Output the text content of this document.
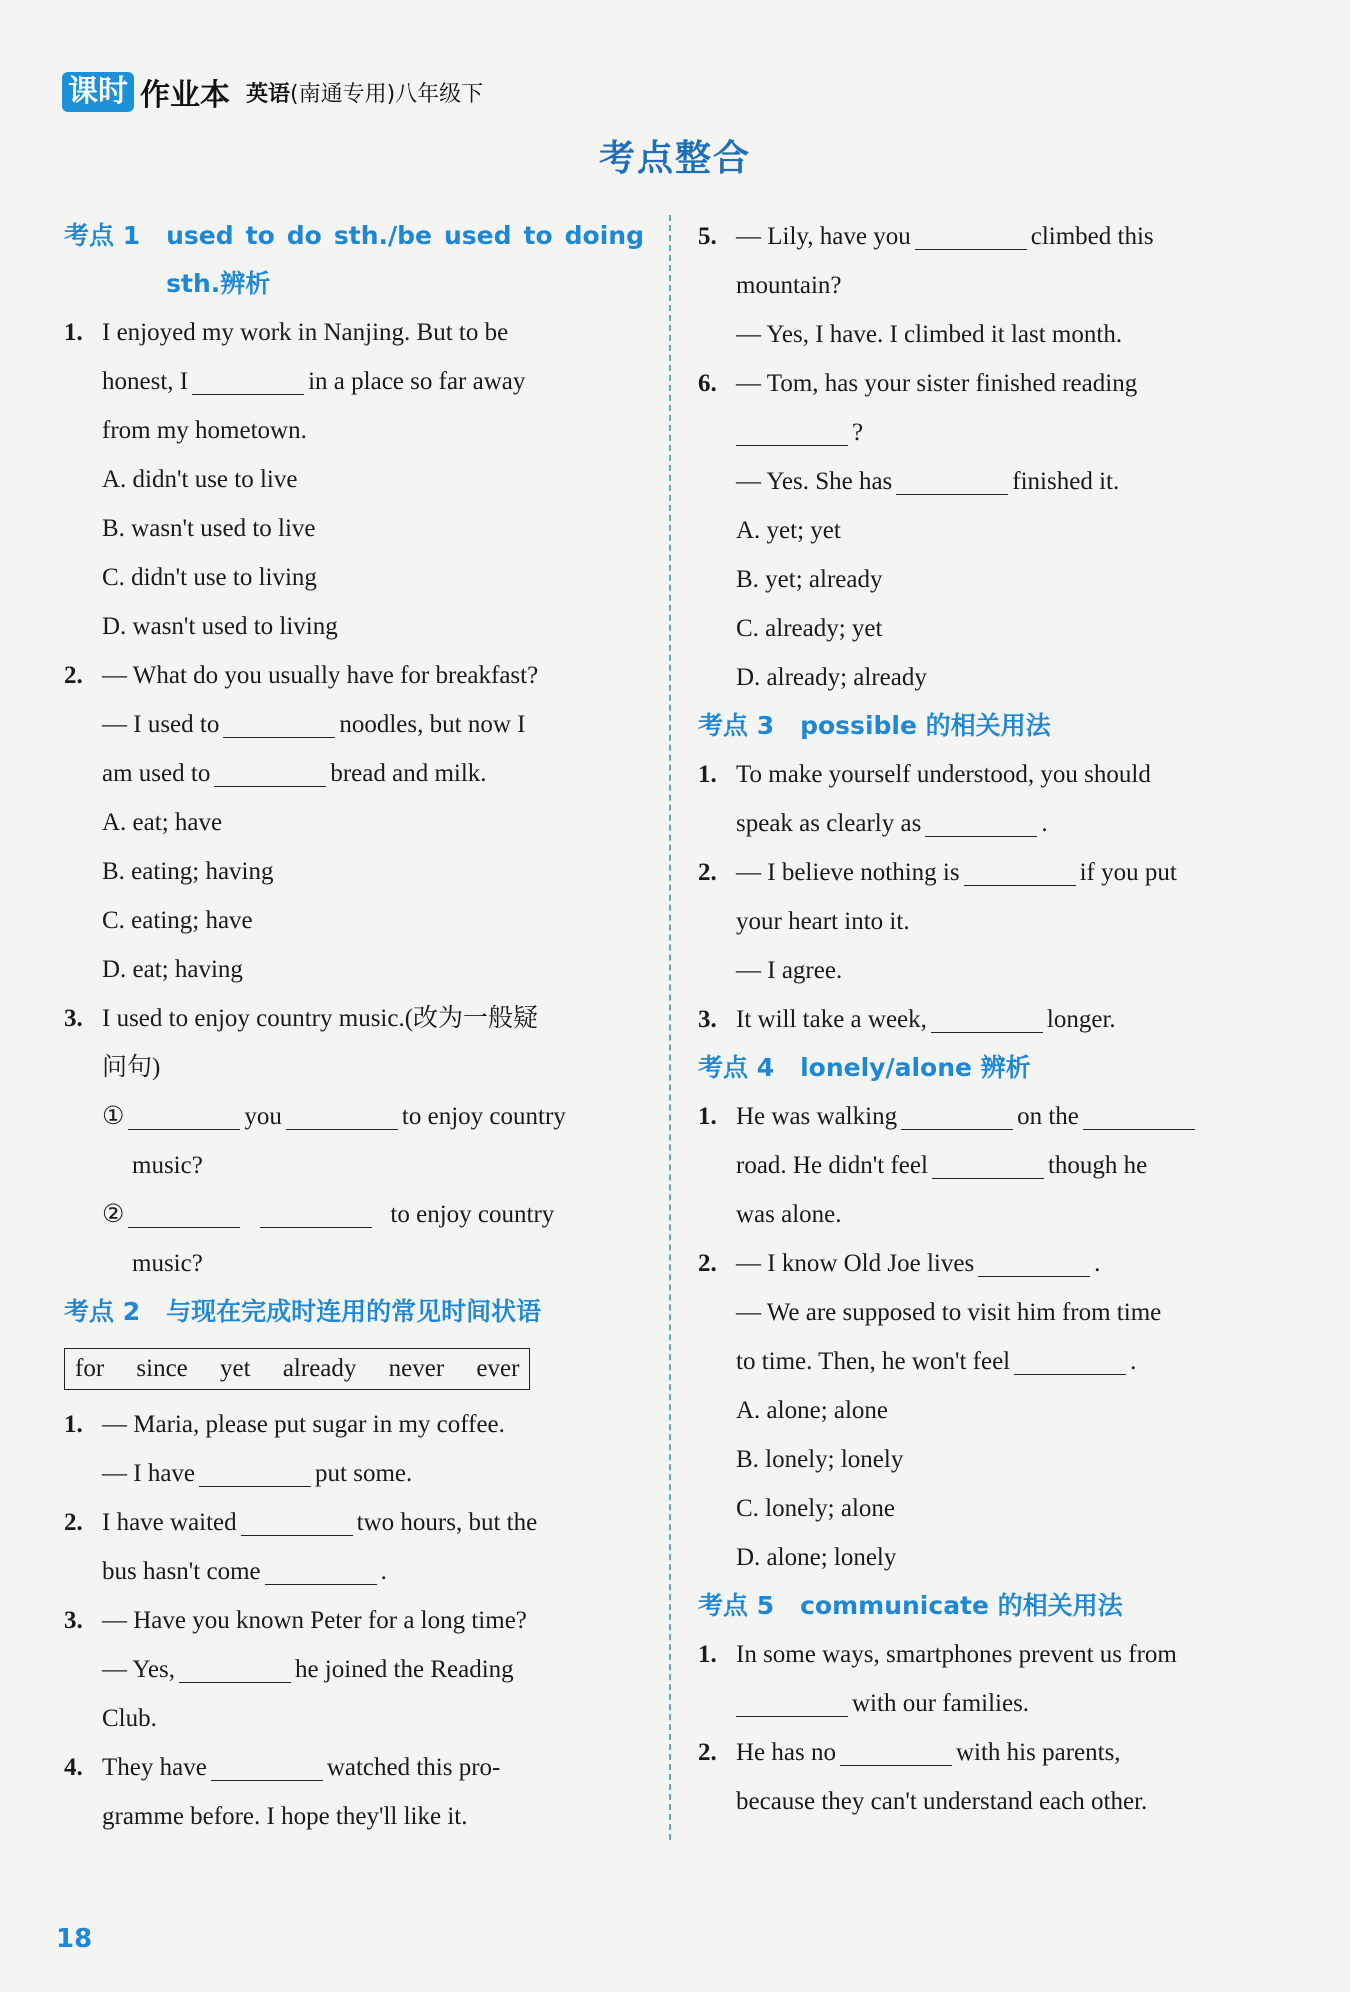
课时 作业本 英语(南通专用)八年级下
考点整合
考点 1 used to do sth./be used to doing sth.辨析
1. I enjoyed my work in Nanjing. But to be
honest, I	in a place so far away
from my hometown.
A. didn't use to live
B. wasn't used to live
C. didn't use to living
D. wasn't used to living
2. — What do you usually have for breakfast?
— I used to	noodles, but now I
am used to	bread and milk.
A. eat; have
B. eating; having
C. eating; have
D. eat; having
3. I used to enjoy country music.(改为一般疑
问句)
①	you	to enjoy country
music?
②	to enjoy country
music?
考点 2 与现在完成时连用的常见时间状语
for since yet already never ever
1. — Maria, please put sugar in my coffee.
— I have	put some.
2. I have waited	two hours, but the
bus hasn't come	.
3. — Have you known Peter for a long time?
— Yes,	he joined the Reading
Club.
4. They have	watched this pro-
gramme before. I hope they'll like it.
5. — Lily, have you	climbed this
mountain?
— Yes, I have. I climbed it last month.
6. — Tom, has your sister finished reading
?
— Yes. She has	finished it.
A. yet; yet
B. yet; already
C. already; yet
D. already; already
考点 3 possible 的相关用法
1. To make yourself understood, you should
speak as clearly as	.
2. — I believe nothing is	if you put
your heart into it.
— I agree.
3. It will take a week,	longer.
考点 4 lonely/alone 辨析
1. He was walking	on the
road. He didn't feel	though he
was alone.
2. — I know Old Joe lives	.
— We are supposed to visit him from time
to time. Then, he won't feel	.
A. alone; alone
B. lonely; lonely
C. lonely; alone
D. alone; lonely
考点 5 communicate 的相关用法
1. In some ways, smartphones prevent us from
with our families.
2. He has no	with his parents,
because they can't understand each other.
18
